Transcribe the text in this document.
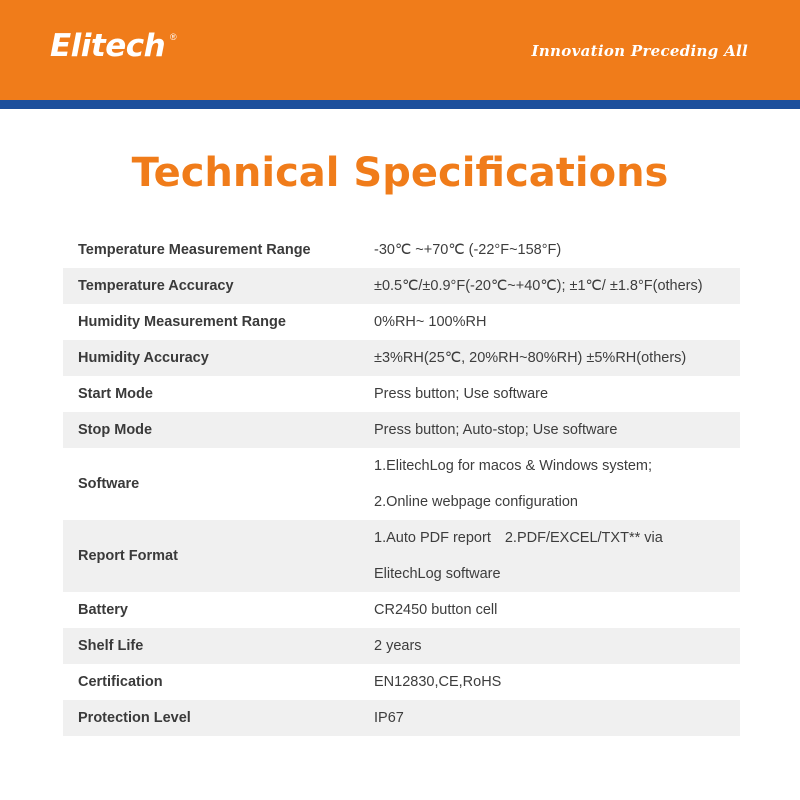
Elitech ®
Innovation Preceding All
Technical Specifications
Temperature Measurement Range	-30℃ ~+70℃ (-22°F~158°F)
Temperature Accuracy	±0.5℃/±0.9°F(-20℃~+40℃); ±1℃/ ±1.8°F(others)
Humidity Measurement Range	0%RH~ 100%RH
Humidity Accuracy	±3%RH(25℃, 20%RH~80%RH) ±5%RH(others)
Start Mode	Press button; Use software
Stop Mode	Press button; Auto-stop; Use software
Software	1.ElitechLog for macos & Windows system;
2.Online webpage configuration

Report Format	1.Auto PDF report 2.PDF/EXCEL/TXT** via
ElitechLog software

Battery	CR2450 button cell
Shelf Life	2 years
Certification	EN12830,CE,RoHS
Protection Level	IP67
